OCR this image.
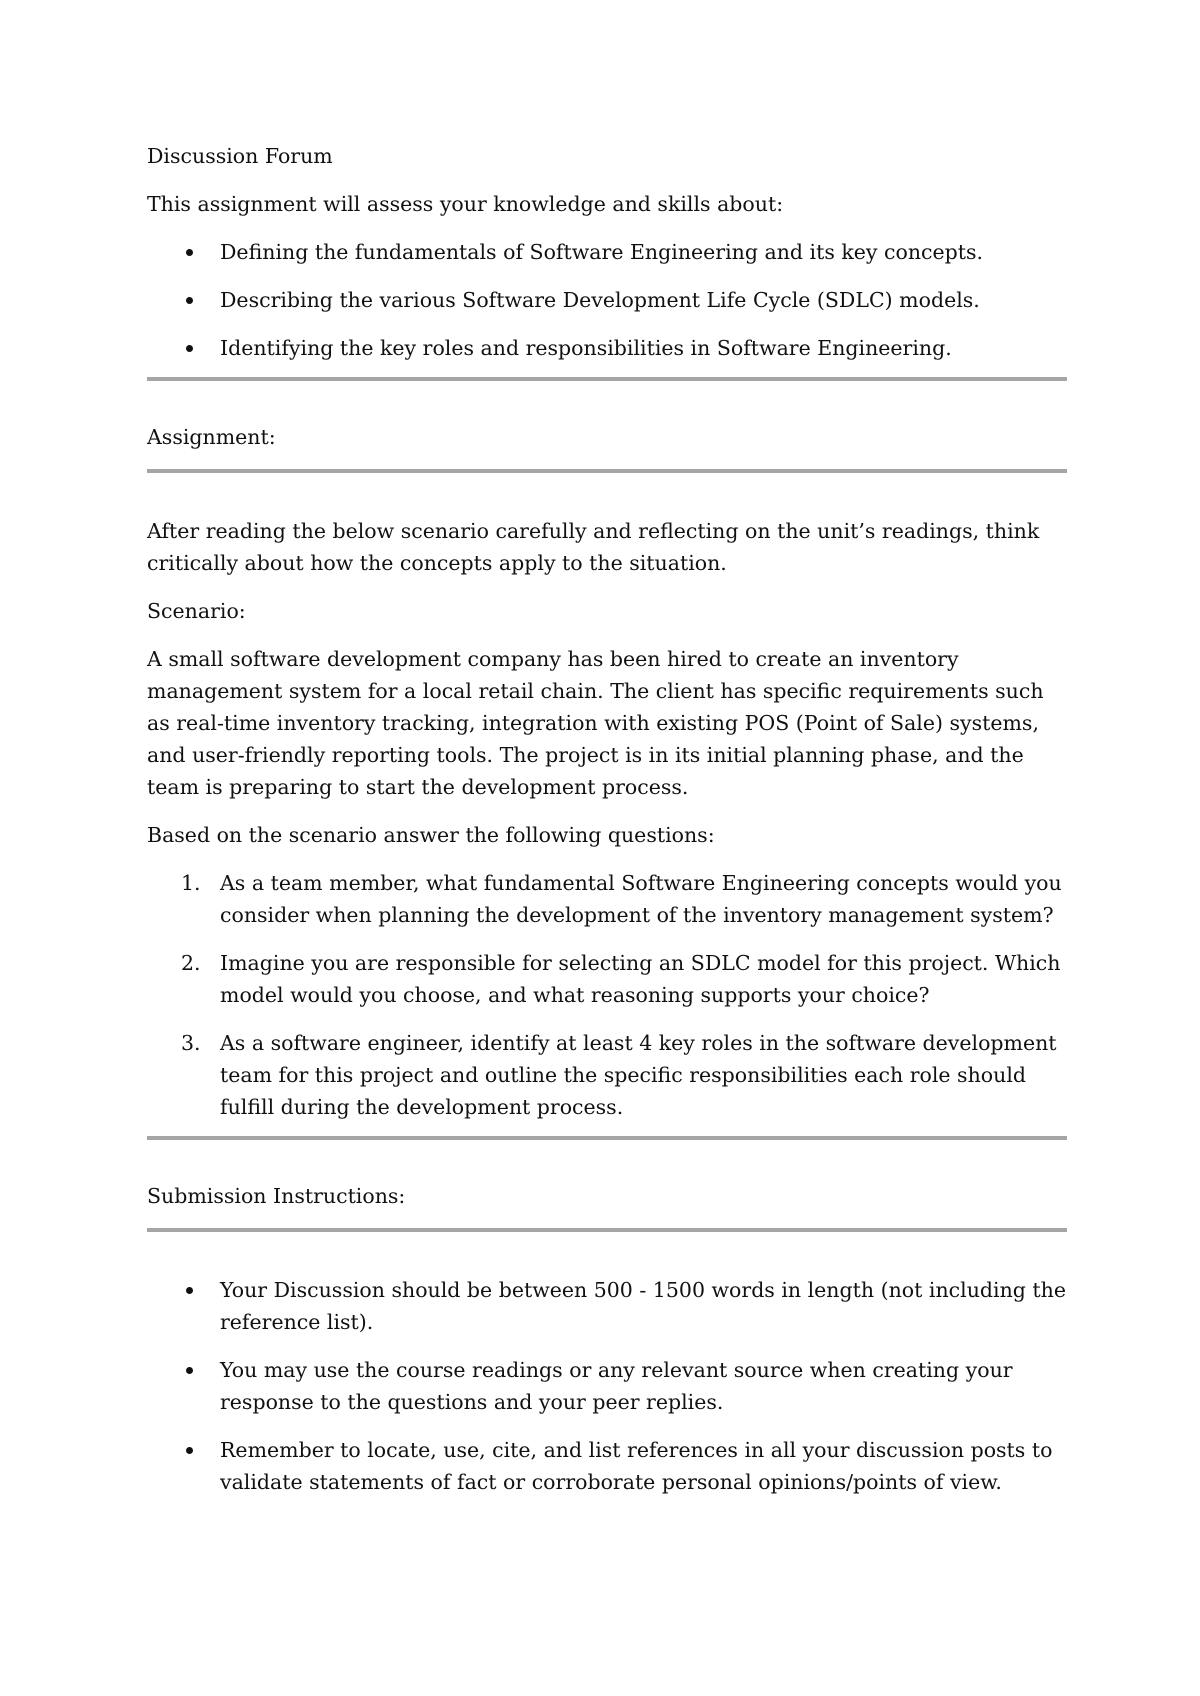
Discussion Forum

This assignment will assess your knowledge and skills about:

Defining the fundamentals of Software Engineering and its key concepts.
Describing the various Software Development Life Cycle (SDLC) models.
Identifying the key roles and responsibilities in Software Engineering.

Assignment:

After reading the below scenario carefully and reflecting on the unit’s readings, think critically about how the concepts apply to the situation.

Scenario:

A small software development company has been hired to create an inventory management system for a local retail chain. The client has specific requirements such as real-time inventory tracking, integration with existing POS (Point of Sale) systems, and user-friendly reporting tools. The project is in its initial planning phase, and the team is preparing to start the development process.

Based on the scenario answer the following questions:

1. As a team member, what fundamental Software Engineering concepts would you consider when planning the development of the inventory management system?
2. Imagine you are responsible for selecting an SDLC model for this project. Which model would you choose, and what reasoning supports your choice?
3. As a software engineer, identify at least 4 key roles in the software development team for this project and outline the specific responsibilities each role should fulfill during the development process.

Submission Instructions:

Your Discussion should be between 500 - 1500 words in length (not including the reference list).
You may use the course readings or any relevant source when creating your response to the questions and your peer replies.
Remember to locate, use, cite, and list references in all your discussion posts to validate statements of fact or corroborate personal opinions/points of view.
